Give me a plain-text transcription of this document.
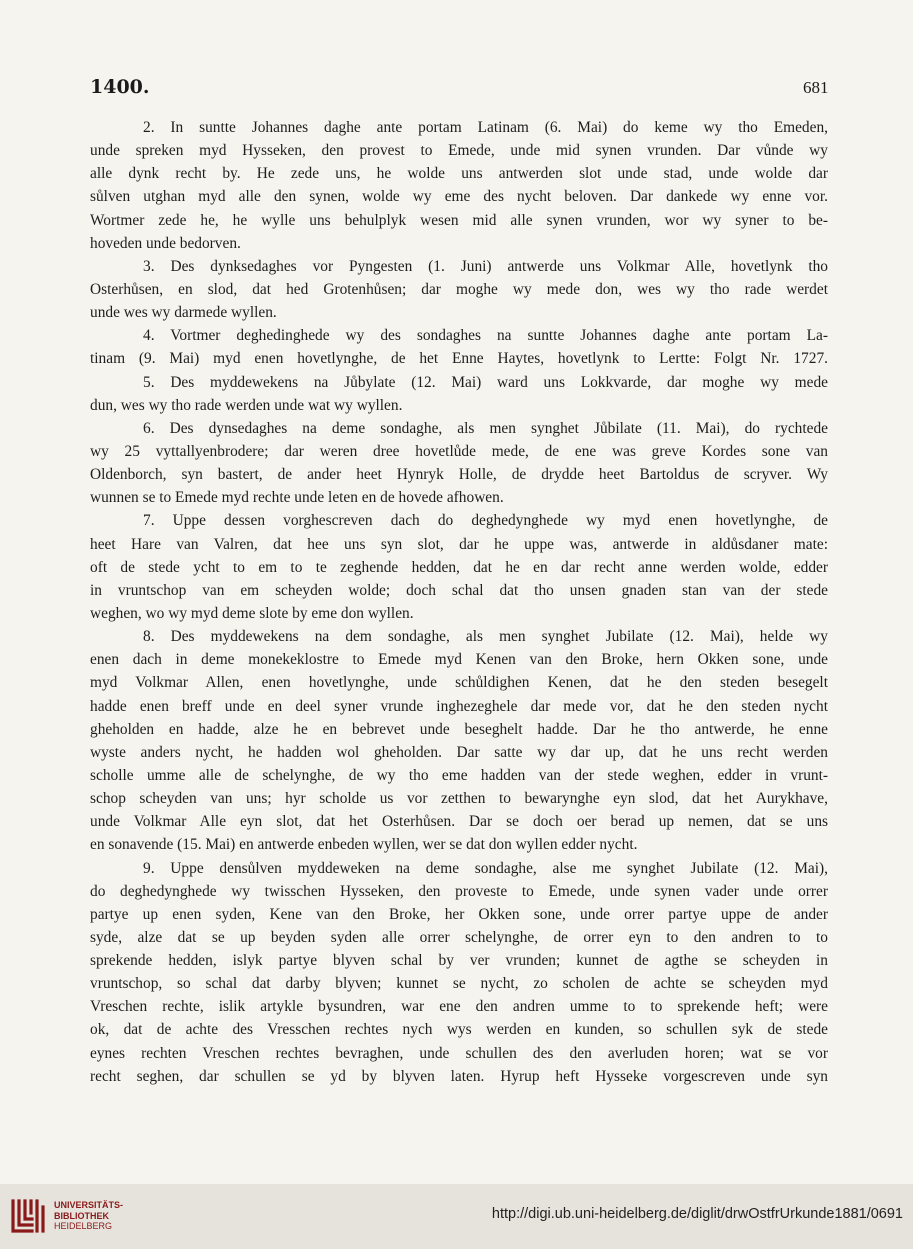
1400.	681
2. In suntte Johannes daghe ante portam Latinam (6. Mai) do keme wy tho Emeden,
unde spreken myd Hysseken, den provest to Emede, unde mid synen vrunden. Dar vůnde wy
alle dynk recht by. He zede uns, he wolde uns antwerden slot unde stad, unde wolde dar
sůlven utghan myd alle den synen, wolde wy eme des nycht beloven. Dar dankede wy enne vor.
Wortmer zede he, he wylle uns behulplyk wesen mid alle synen vrunden, wor wy syner to be-
hoveden unde bedorven.
3. Des dynksedaghes vor Pyngesten (1. Juni) antwerde uns Volkmar Alle, hovetlynk tho
Osterhůsen, en slod, dat hed Grotenhůsen; dar moghe wy mede don, wes wy tho rade werdet
unde wes wy darmede wyllen.
4. Vortmer deghedinghede wy des sondaghes na suntte Johannes daghe ante portam La-
tinam (9. Mai) myd enen hovetlynghe, de het Enne Haytes, hovetlynk to Lertte: Folgt Nr. 1727.
5. Des myddewekens na Jůbylate (12. Mai) ward uns Lokkvarde, dar moghe wy mede
dun, wes wy tho rade werden unde wat wy wyllen.
6. Des dynsedaghes na deme sondaghe, als men synghet Jůbilate (11. Mai), do rychtede
wy 25 vyttallyenbrodere; dar weren dree hovetlůde mede, de ene was greve Kordes sone van
Oldenborch, syn bastert, de ander heet Hynryk Holle, de drydde heet Bartoldus de scryver. Wy
wunnen se to Emede myd rechte unde leten en de hovede afhowen.
7. Uppe dessen vorghescreven dach do deghedynghede wy myd enen hovetlynghe, de
heet Hare van Valren, dat hee uns syn slot, dar he uppe was, antwerde in aldůsdaner mate:
oft de stede ycht to em to te zeghende hedden, dat he en dar recht anne werden wolde, edder
in vruntschop van em scheyden wolde; doch schal dat tho unsen gnaden stan van der stede
weghen, wo wy myd deme slote by eme don wyllen.
8. Des myddewekens na dem sondaghe, als men synghet Jubilate (12. Mai), helde wy
enen dach in deme monekeklostre to Emede myd Kenen van den Broke, hern Okken sone, unde
myd Volkmar Allen, enen hovetlynghe, unde schůldighen Kenen, dat he den steden besegelt
hadde enen breff unde en deel syner vrunde inghezeghele dar mede vor, dat he den steden nycht
gheholden en hadde, alze he en bebrevet unde beseghelt hadde. Dar he tho antwerde, he enne
wyste anders nycht, he hadden wol gheholden. Dar satte wy dar up, dat he uns recht werden
scholle umme alle de schelynghe, de wy tho eme hadden van der stede weghen, edder in vrunt-
schop scheyden van uns; hyr scholde us vor zetthen to bewarynghe eyn slod, dat het Aurykhave,
unde Volkmar Alle eyn slot, dat het Osterhůsen. Dar se doch oer berad up nemen, dat se uns
en sonavende (15. Mai) en antwerde enbeden wyllen, wer se dat don wyllen edder nycht.
9. Uppe densůlven myddeweken na deme sondaghe, alse me synghet Jubilate (12. Mai),
do deghedynghede wy twisschen Hysseken, den proveste to Emede, unde synen vader unde orrer
partye up enen syden, Kene van den Broke, her Okken sone, unde orrer partye uppe de ander
syde, alze dat se up beyden syden alle orrer schelynghe, de orrer eyn to den andren to to
sprekende hedden, islyk partye blyven schal by ver vrunden; kunnet de agthe se scheyden in
vruntschop, so schal dat darby blyven; kunnet se nycht, zo scholen de achte se scheyden myd
Vreschen rechte, islik artykle bysundren, war ene den andren umme to to sprekende heft; were
ok, dat de achte des Vresschen rechtes nych wys werden en kunden, so schullen syk de stede
eynes rechten Vreschen rechtes bevraghen, unde schullen des den averluden horen; wat se vor
recht seghen, dar schullen se yd by blyven laten. Hyrup heft Hysseke vorgescreven unde syn
UNIVERSITÄTS-
BIBLIOTHEK
HEIDELBERG
http://digi.ub.uni-heidelberg.de/diglit/drwOstfrUrkunde1881/0691
